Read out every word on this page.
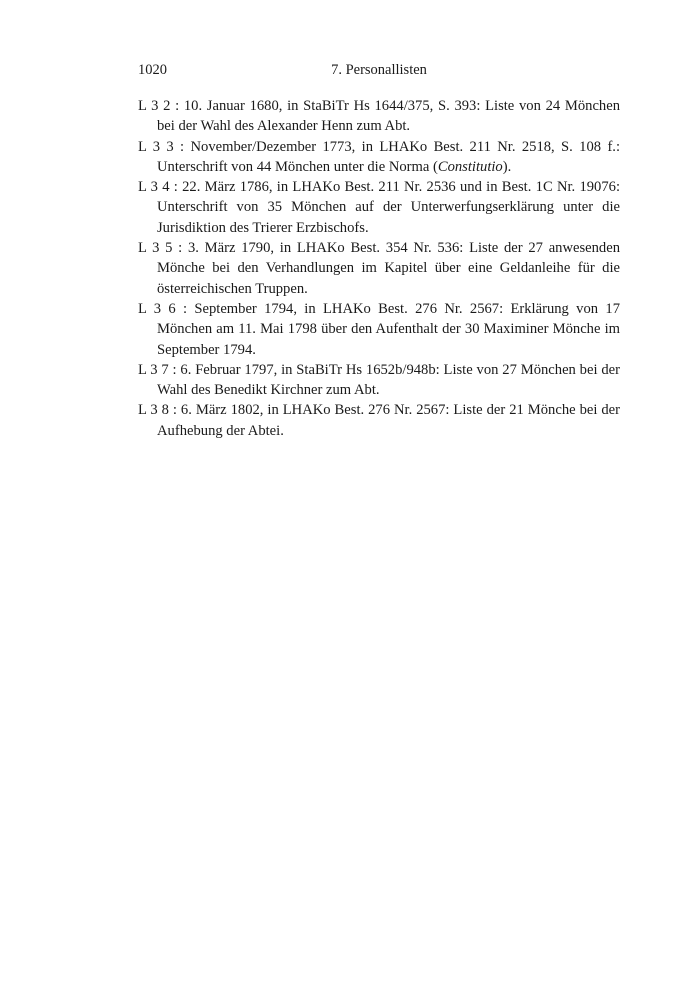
1020	7. Personallisten

L 3 2 : 10. Januar 1680, in StaBiTr Hs 1644/375, S. 393: Liste von 24 Mönchen bei der Wahl des Alexander Henn zum Abt.

L 3 3 : November/Dezember 1773, in LHAKo Best. 211 Nr. 2518, S. 108 f.: Unterschrift von 44 Mönchen unter die Norma (Constitutio).

L 3 4 : 22. März 1786, in LHAKo Best. 211 Nr. 2536 und in Best. 1C Nr. 19076: Unterschrift von 35 Mönchen auf der Unterwerfungserklärung unter die Jurisdiktion des Trierer Erzbischofs.

L 3 5 : 3. März 1790, in LHAKo Best. 354 Nr. 536: Liste der 27 anwesenden Mönche bei den Verhandlungen im Kapitel über eine Geldanleihe für die österreichischen Truppen.

L 3 6 : September 1794, in LHAKo Best. 276 Nr. 2567: Erklärung von 17 Mönchen am 11. Mai 1798 über den Aufenthalt der 30 Maximiner Mönche im September 1794.

L 3 7 : 6. Februar 1797, in StaBiTr Hs 1652b/948b: Liste von 27 Mönchen bei der Wahl des Benedikt Kirchner zum Abt.

L 3 8 : 6. März 1802, in LHAKo Best. 276 Nr. 2567: Liste der 21 Mönche bei der Aufhebung der Abtei.
